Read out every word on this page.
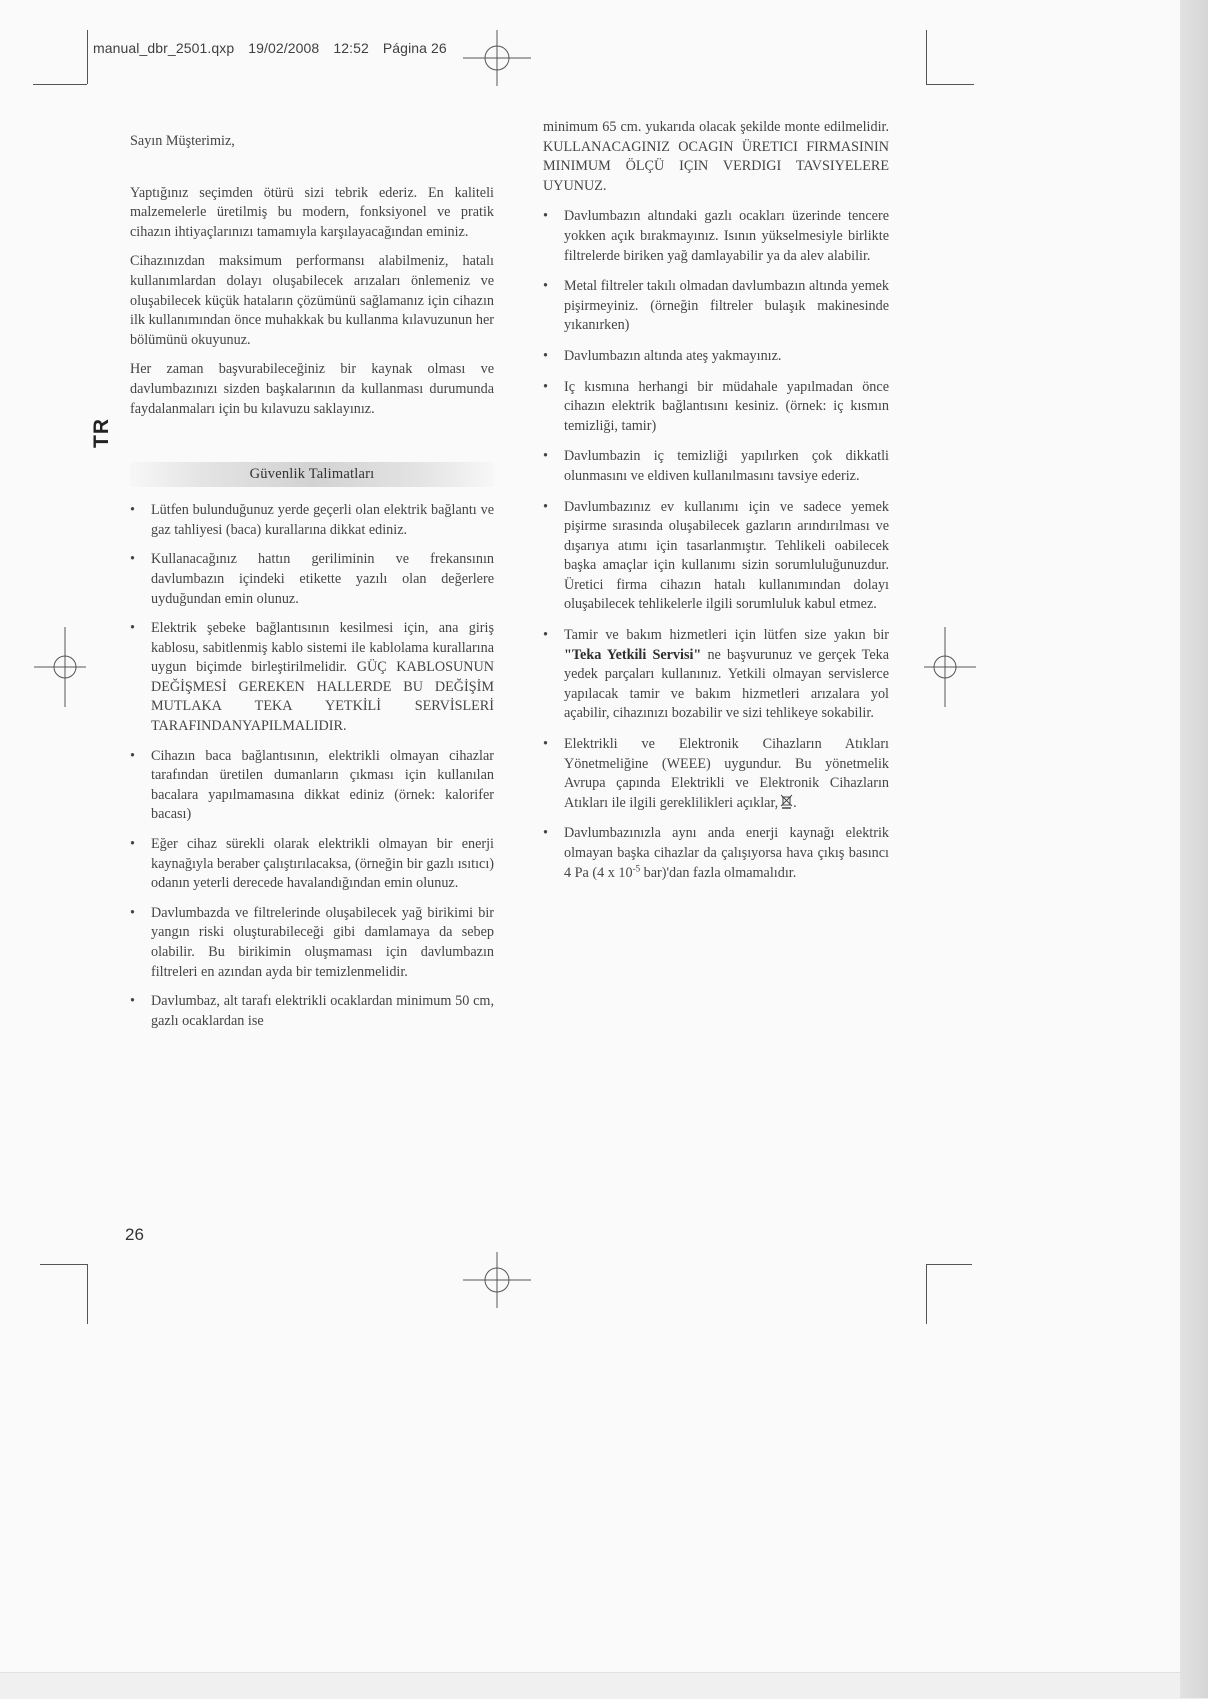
manual_dbr_2501.qxp 19/02/2008 12:52 Página 26
TR

Sayın Müşterimiz,

Yaptığınız seçimden ötürü sizi tebrik ederiz. En kaliteli malzemelerle üretilmiş bu modern, fonksiyonel ve pratik cihazın ihtiyaçlarınızı tamamıyla karşılayacağından eminiz.

Cihazınızdan maksimum performansı alabilmeniz, hatalı kullanımlardan dolayı oluşabilecek arızaları önlemeniz ve oluşabilecek küçük hataların çözümünü sağlamanız için cihazın ilk kullanımından önce muhakkak bu kullanma kılavuzunun her bölümünü okuyunuz.

Her zaman başvurabileceğiniz bir kaynak olması ve davlumbazınızı sizden başkalarının da kullanması durumunda faydalanmaları için bu kılavuzu saklayınız.

Güvenlik Talimatları
• Lütfen bulunduğunuz yerde geçerli olan elektrik bağlantı ve gaz tahliyesi (baca) kurallarına dikkat ediniz.
• Kullanacağınız hattın geriliminin ve frekansının davlumbazın içindeki etikette yazılı olan değerlere uyduğundan emin olunuz.
• Elektrik şebeke bağlantısının kesilmesi için, ana giriş kablosu, sabitlenmiş kablo sistemi ile kablolama kurallarına uygun biçimde birleştirilmelidir. GÜÇ KABLOSUNUN DEĞİŞMESİ GEREKEN HALLERDE BU DEĞİŞİM MUTLAKA TEKA YETKİLİ SERVİSLERİ TARAFINDANYAPILMALIDIR.
• Cihazın baca bağlantısının, elektrikli olmayan cihazlar tarafından üretilen dumanların çıkması için kullanılan bacalara yapılmamasına dikkat ediniz (örnek: kalorifer bacası)
• Eğer cihaz sürekli olarak elektrikli olmayan bir enerji kaynağıyla beraber çalıştırılacaksa, (örneğin bir gazlı ısıtıcı) odanın yeterli derecede havalandığından emin olunuz.
• Davlumbazda ve filtrelerinde oluşabilecek yağ birikimi bir yangın riski oluşturabileceği gibi damlamaya da sebep olabilir. Bu birikimin oluşmaması için davlumbazın filtreleri en azından ayda bir temizlenmelidir.
• Davlumbaz, alt tarafı elektrikli ocaklardan minimum 50 cm, gazlı ocaklardan ise

minimum 65 cm. yukarıda olacak şekilde monte edilmelidir. KULLANACAGINIZ OCAGIN ÜRETICI FIRMASININ MINIMUM ÖLÇÜ IÇIN VERDIGI TAVSIYELERE UYUNUZ.

• Davlumbazın altındaki gazlı ocakları üzerinde tencere yokken açık bırakmayınız. Isının yükselmesiyle birlikte filtrelerde biriken yağ damlayabilir ya da alev alabilir.
• Metal filtreler takılı olmadan davlumbazın altında yemek pişirmeyiniz. (örneğin filtreler bulaşık makinesinde yıkanırken)
• Davlumbazın altında ateş yakmayınız.
• Iç kısmına herhangi bir müdahale yapılmadan önce cihazın elektrik bağlantısını kesiniz. (örnek: iç kısmın temizliği, tamir)
• Davlumbazin iç temizliği yapılırken çok dikkatli olunmasını ve eldiven kullanılmasını tavsiye ederiz.
• Davlumbazınız ev kullanımı için ve sadece yemek pişirme sırasında oluşabilecek gazların arındırılması ve dışarıya atımı için tasarlanmıştır. Tehlikeli oabilecek başka amaçlar için kullanımı sizin sorumluluğunuzdur. Üretici firma cihazın hatalı kullanımından dolayı oluşabilecek tehlikelerle ilgili sorumluluk kabul etmez.
• Tamir ve bakım hizmetleri için lütfen size yakın bir "Teka Yetkili Servisi" ne başvurunuz ve gerçek Teka yedek parçaları kullanınız. Yetkili olmayan servislerce yapılacak tamir ve bakım hizmetleri arızalara yol açabilir, cihazınızı bozabilir ve sizi tehlikeye sokabilir.
• Elektrikli ve Elektronik Cihazların Atıkları Yönetmeliğine (WEEE) uygundur. Bu yönetmelik Avrupa çapında Elektrikli ve Elektronik Cihazların Atıkları ile ilgili gereklilikleri açıklar, .
• Davlumbazınızla aynı anda enerji kaynağı elektrik olmayan başka cihazlar da çalışıyorsa hava çıkış basıncı 4 Pa (4 x $10^{-5}$ bar)'dan fazla olmamalıdır.
26
